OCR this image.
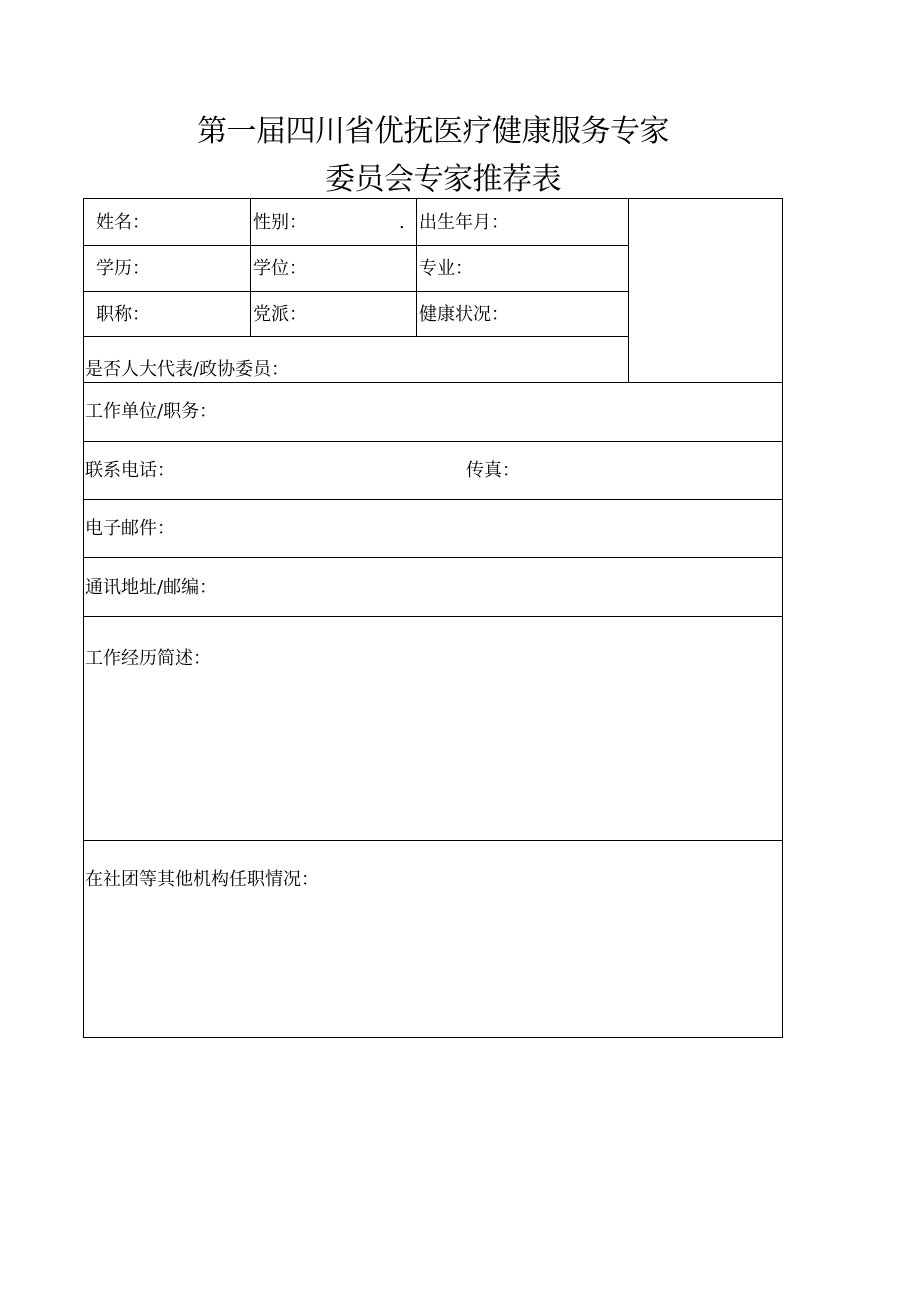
第一届四川省优抚医疗健康服务专家
委员会专家推荐表
姓名：	性别：	. 出生年月：
学历：	学位：	专业：
职称：	党派：	健康状况：
是否人大代表/政协委员：
工作单位/职务：
联系电话：	传真：
电子邮件：
通讯地址/邮编：
工作经历简述：
在社团等其他机构任职情况：
